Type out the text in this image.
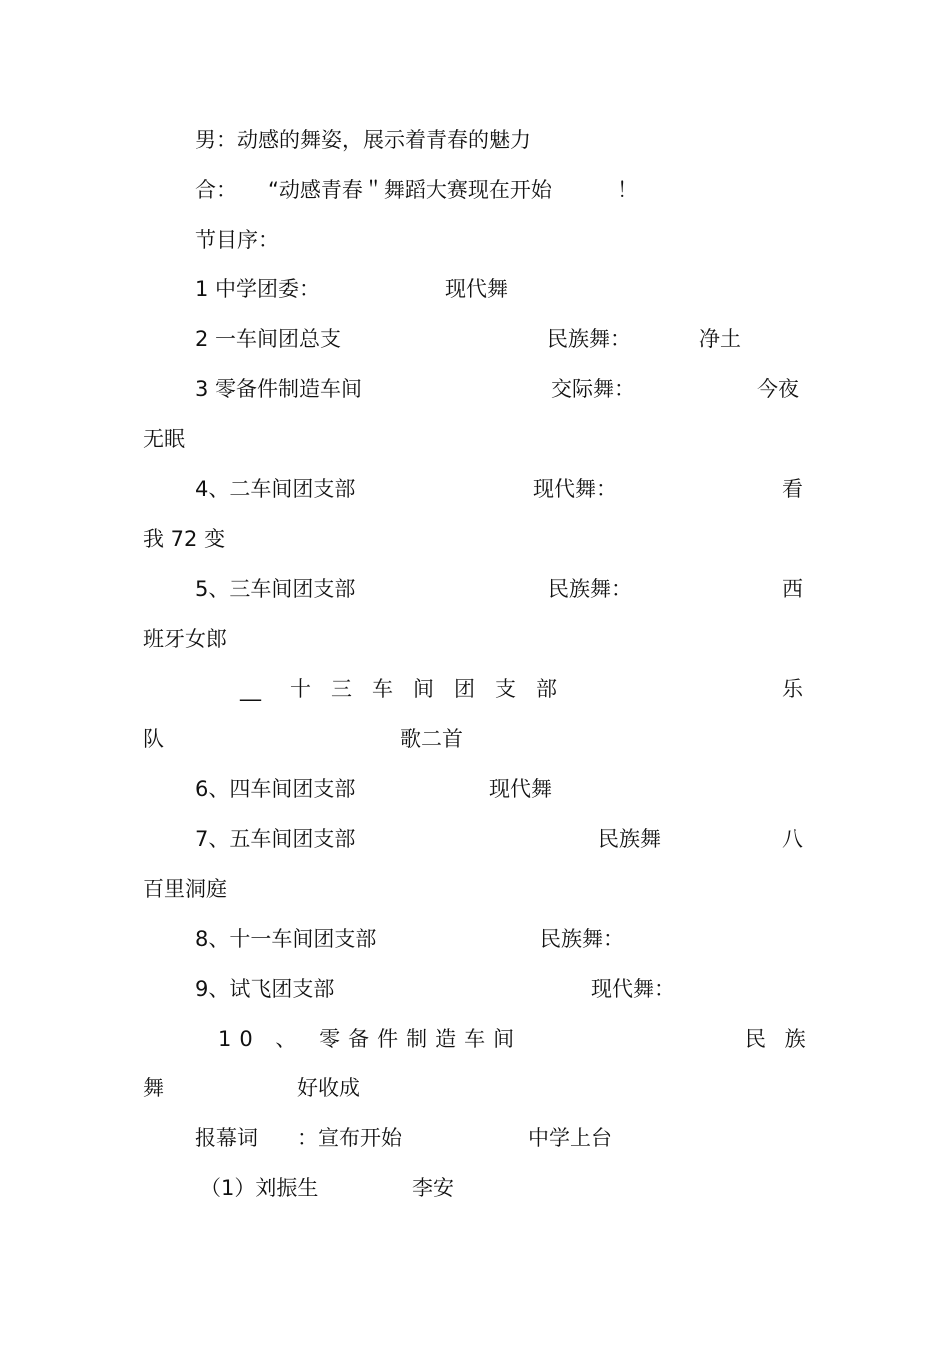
男：动感的舞姿，展示着青春的魅力
合： “动感青春＂舞蹈大赛现在开始	！
节目序：
1 中学团委：	现代舞
2 一车间团总支	民族舞：	净土
3 零备件制造车间	交际舞：	今夜
无眠
4、二车间团支部	现代舞：	看
我 72 变
5、三车间团支部	民族舞：	西
班牙女郎
__ 十三车间团支部	乐
队	歌二首
6、四车间团支部	现代舞
7、五车间团支部	民族舞	八
百里洞庭
8、十一车间团支部	民族舞：
9、试飞团支部	现代舞：
10 、 零备件制造车间	民 族
舞	好收成
报幕词 ：宣布开始	中学上台
（1）刘振生	李安
